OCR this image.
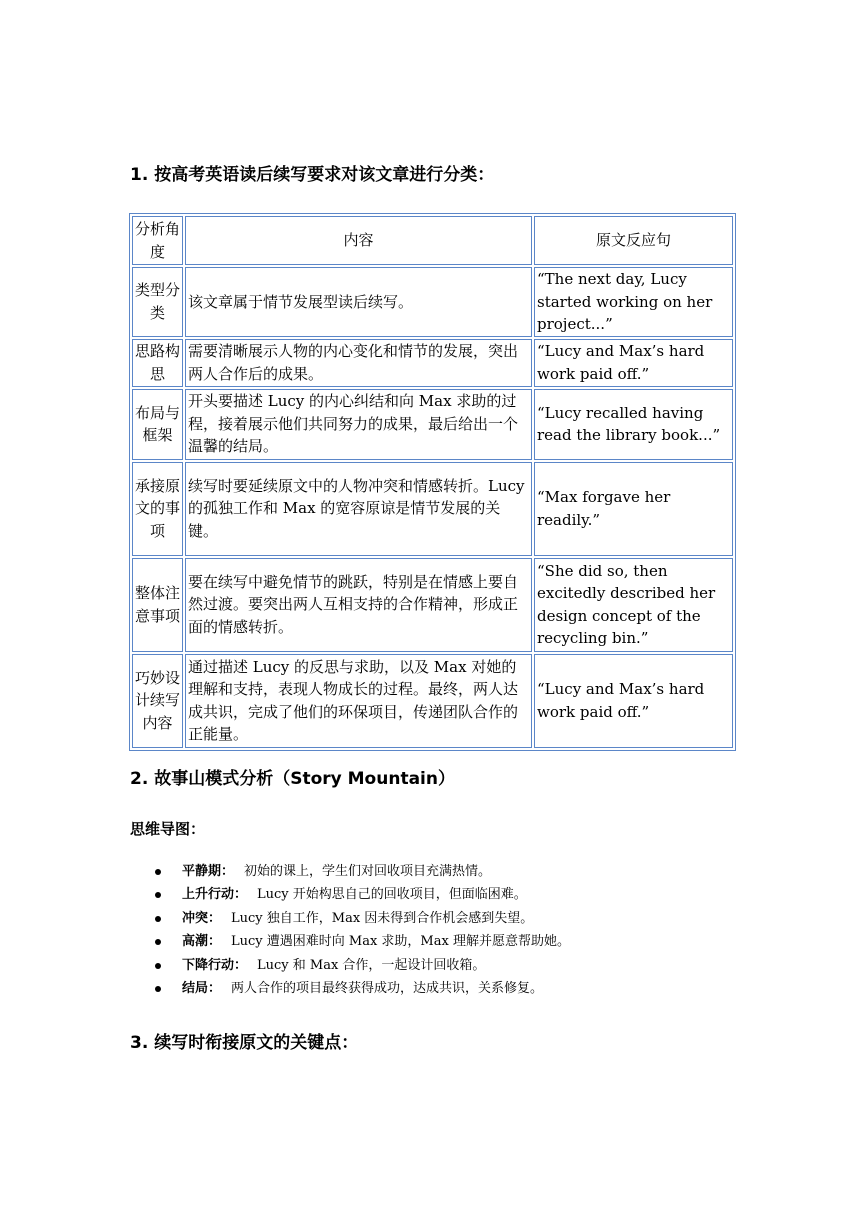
1. 按高考英语读后续写要求对该文章进行分类：
分析角度	内容	原文反应句
类型分类	该文章属于情节发展型读后续写。	“The next day, Lucy started working on her project...”
思路构思	需要清晰展示人物的内心变化和情节的发展，突出两人合作后的成果。	“Lucy and Max’s hard work paid off.”
布局与框架	开头要描述 Lucy 的内心纠结和向 Max 求助的过程，接着展示他们共同努力的成果，最后给出一个温馨的结局。	“Lucy recalled having read the library book...”
承接原文的事项	续写时要延续原文中的人物冲突和情感转折。Lucy 的孤独工作和 Max 的宽容原谅是情节发展的关键。	“Max forgave her readily.”
整体注意事项	要在续写中避免情节的跳跃，特别是在情感上要自然过渡。要突出两人互相支持的合作精神，形成正面的情感转折。	“She did so, then excitedly described her design concept of the recycling bin.”
巧妙设计续写内容	通过描述 Lucy 的反思与求助，以及 Max 对她的理解和支持，表现人物成长的过程。最终，两人达成共识，完成了他们的环保项目，传递团队合作的正能量。	“Lucy and Max’s hard work paid off.”
2. 故事山模式分析（Story Mountain）
思维导图：
平静期： 初始的课上，学生们对回收项目充满热情。
上升行动： Lucy 开始构思自己的回收项目，但面临困难。
冲突： Lucy 独自工作，Max 因未得到合作机会感到失望。
高潮： Lucy 遭遇困难时向 Max 求助，Max 理解并愿意帮助她。
下降行动： Lucy 和 Max 合作，一起设计回收箱。
结局： 两人合作的项目最终获得成功，达成共识，关系修复。
3. 续写时衔接原文的关键点：
